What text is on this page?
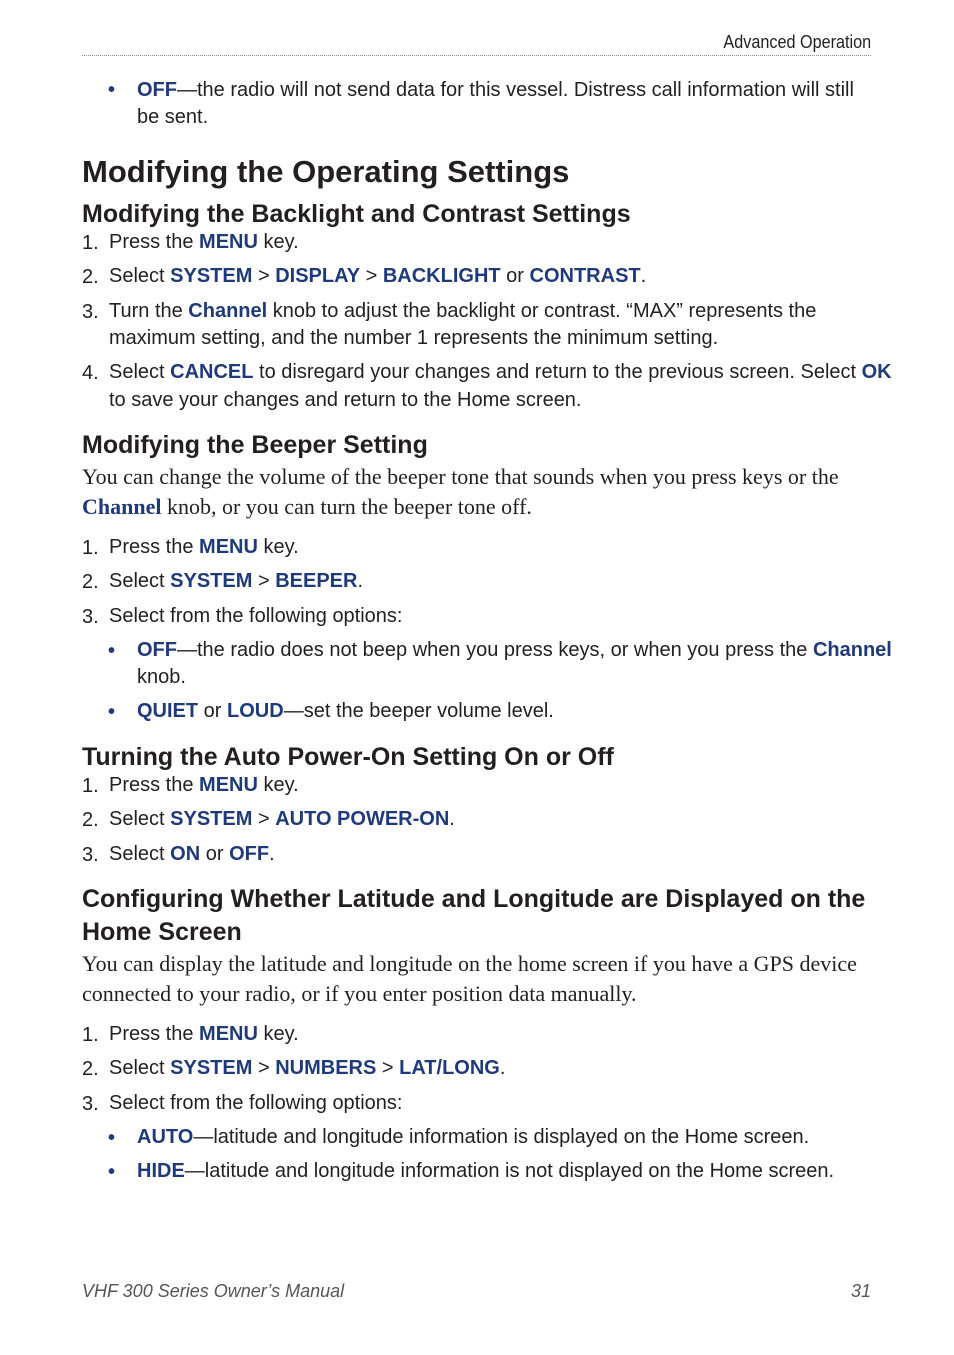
Advanced Operation
• OFF—the radio will not send data for this vessel. Distress call information will still be sent.
Modifying the Operating Settings
Modifying the Backlight and Contrast Settings
1. Press the MENU key.
2. Select SYSTEM > DISPLAY > BACKLIGHT or CONTRAST.
3. Turn the Channel knob to adjust the backlight or contrast. “MAX” represents the
maximum setting, and the number 1 represents the minimum setting.
4. Select CANCEL to disregard your changes and return to the previous screen. Select OK
to save your changes and return to the Home screen.
Modifying the Beeper Setting
You can change the volume of the beeper tone that sounds when you press keys or the
Channel knob, or you can turn the beeper tone off.
1. Press the MENU key.
2. Select SYSTEM > BEEPER.
3. Select from the following options:
• OFF—the radio does not beep when you press keys, or when you press the Channel
knob.
• QUIET or LOUD—set the beeper volume level.
Turning the Auto Power-On Setting On or Off
1. Press the MENU key.
2. Select SYSTEM > AUTO POWER-ON.
3. Select ON or OFF.
Configuring Whether Latitude and Longitude are Displayed on the
Home Screen
You can display the latitude and longitude on the home screen if you have a GPS device
connected to your radio, or if you enter position data manually.
1. Press the MENU key.
2. Select SYSTEM > NUMBERS > LAT/LONG.
3. Select from the following options:
• AUTO—latitude and longitude information is displayed on the Home screen.
• HIDE—latitude and longitude information is not displayed on the Home screen.
VHF 300 Series Owner’s Manual	31
